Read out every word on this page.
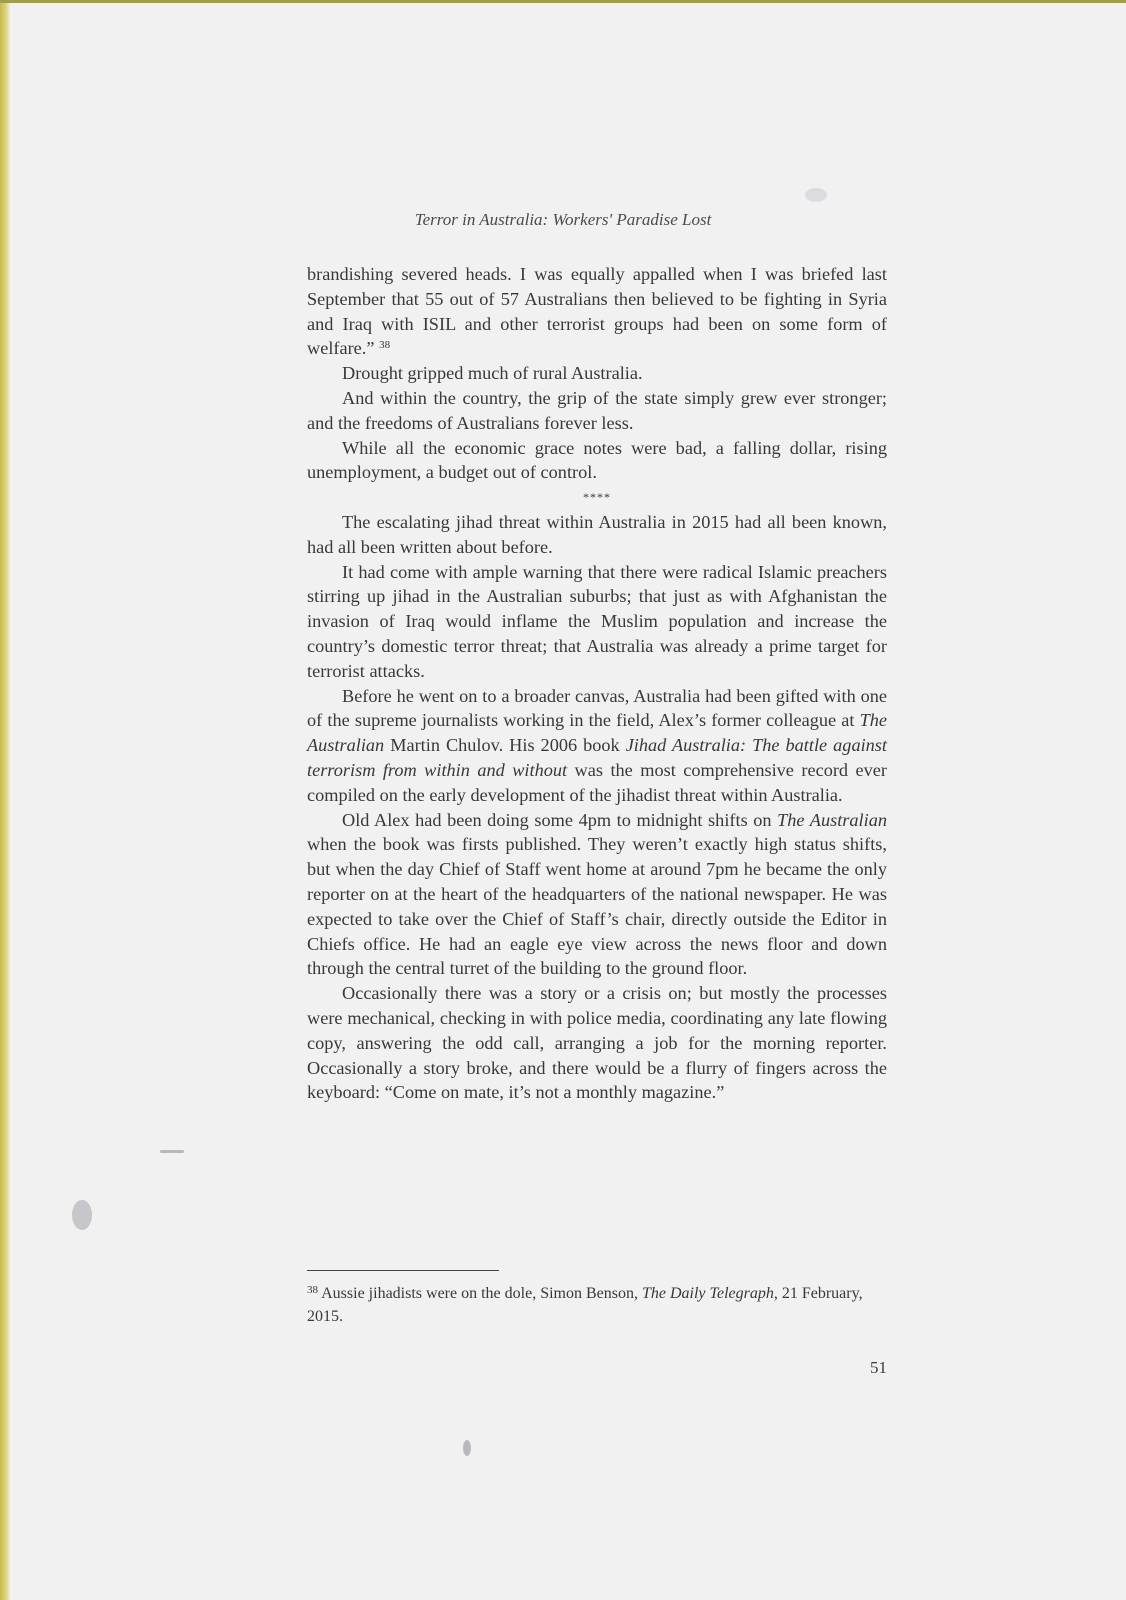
Terror in Australia: Workers' Paradise Lost

brandishing severed heads. I was equally appalled when I was briefed last September that 55 out of 57 Australians then believed to be fighting in Syria and Iraq with ISIL and other terrorist groups had been on some form of welfare.” $^{38}$

Drought gripped much of rural Australia.

And within the country, the grip of the state simply grew ever stronger; and the freedoms of Australians forever less.

While all the economic grace notes were bad, a falling dollar, rising unemployment, a budget out of control.

****

The escalating jihad threat within Australia in 2015 had all been known, had all been written about before.

It had come with ample warning that there were radical Islamic preachers stirring up jihad in the Australian suburbs; that just as with Afghanistan the invasion of Iraq would inflame the Muslim population and increase the country’s domestic terror threat; that Australia was already a prime target for terrorist attacks.

Before he went on to a broader canvas, Australia had been gifted with one of the supreme journalists working in the field, Alex’s former colleague at The Australian Martin Chulov. His 2006 book Jihad Australia: The battle against terrorism from within and without was the most comprehensive record ever compiled on the early development of the jihadist threat within Australia.

Old Alex had been doing some 4pm to midnight shifts on The Australian when the book was firsts published. They weren’t exactly high status shifts, but when the day Chief of Staff went home at around 7pm he became the only reporter on at the heart of the headquarters of the national newspaper. He was expected to take over the Chief of Staff’s chair, directly outside the Editor in Chiefs office. He had an eagle eye view across the news floor and down through the central turret of the building to the ground floor.

Occasionally there was a story or a crisis on; but mostly the processes were mechanical, checking in with police media, coordinating any late flowing copy, answering the odd call, arranging a job for the morning reporter. Occasionally a story broke, and there would be a flurry of fingers across the keyboard: “Come on mate, it’s not a monthly magazine.”

$^{38}$ Aussie jihadists were on the dole, Simon Benson, The Daily Telegraph, 21 February, 2015.
51
